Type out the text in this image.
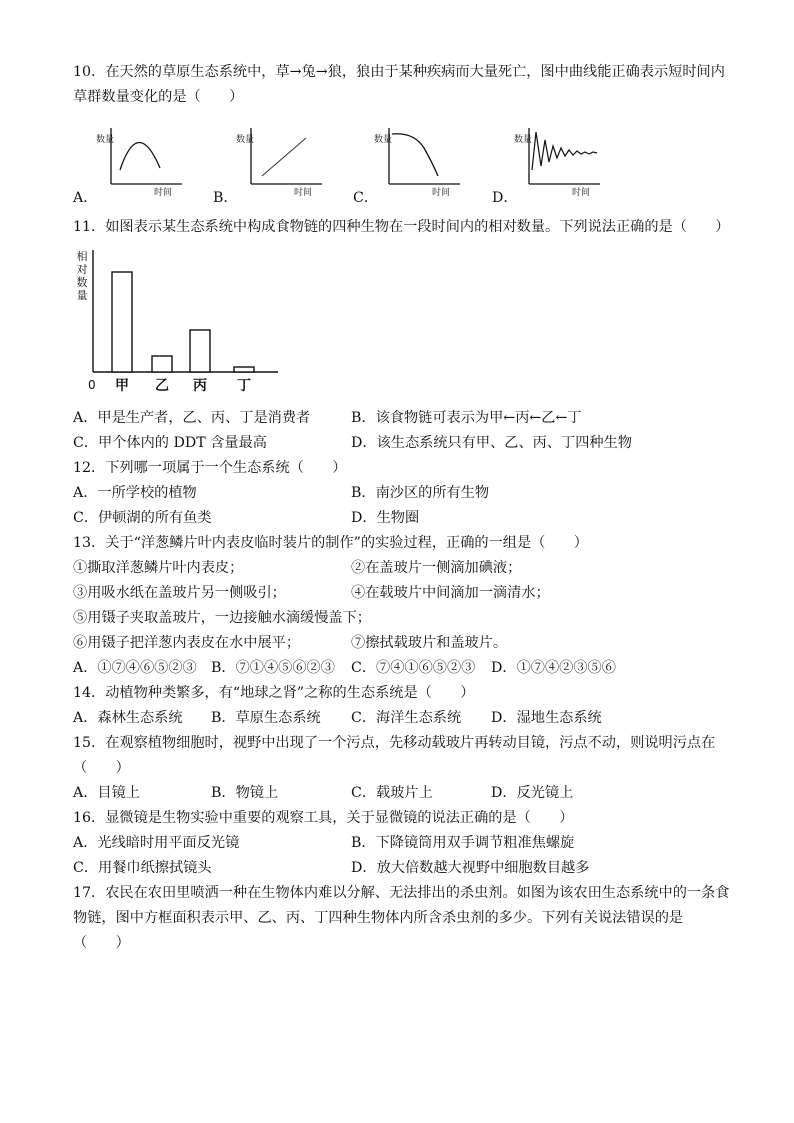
10．在天然的草原生态系统中，草→兔→狼，狼由于某种疾病而大量死亡，图中曲线能正确表示短时间内
草群数量变化的是（　　）
A．
数量
时间	B．
数量
时间	C．
数量
时间	D．
数量
时间
11．如图表示某生态系统中构成食物链的四种生物在一段时间内的相对数量。下列说法正确的是（　　）
相
对
数
量
0 甲 乙 丙 丁
A．甲是生产者，乙、丙、丁是消费者	B．该食物链可表示为甲←丙←乙←丁
C．甲个体内的 DDT 含量最高	D．该生态系统只有甲、乙、丙、丁四种生物
12．下列哪一项属于一个生态系统（　　）
A．一所学校的植物	B．南沙区的所有生物
C．伊顿湖的所有鱼类	D．生物圈
13．关于“洋葱鳞片叶内表皮临时装片的制作”的实验过程，正确的一组是（　　）
①撕取洋葱鳞片叶内表皮；	②在盖玻片一侧滴加碘液；
③用吸水纸在盖玻片另一侧吸引；	④在载玻片中间滴加一滴清水；
⑤用镊子夹取盖玻片，一边接触水滴缓慢盖下；
⑥用镊子把洋葱内表皮在水中展平；	⑦擦拭载玻片和盖玻片。
A．①⑦④⑥⑤②③ B．⑦①④⑤⑥②③ C．⑦④①⑥⑤②③ D．①⑦④②③⑤⑥
14．动植物种类繁多，有“地球之肾”之称的生态系统是（　　）
A．森林生态系统 B．草原生态系统 C．海洋生态系统 D．湿地生态系统
15．在观察植物细胞时，视野中出现了一个污点，先移动载玻片再转动目镜，污点不动，则说明污点在
（　　）
A．目镜上	B．物镜上	C．载玻片上	D．反光镜上
16．显微镜是生物实验中重要的观察工具，关于显微镜的说法正确的是（　　）
A．光线暗时用平面反光镜	B．下降镜筒用双手调节粗准焦螺旋
C．用餐巾纸擦拭镜头	D．放大倍数越大视野中细胞数目越多
17．农民在农田里喷洒一种在生物体内难以分解、无法排出的杀虫剂。如图为该农田生态系统中的一条食
物链，图中方框面积表示甲、乙、丙、丁四种生物体内所含杀虫剂的多少。下列有关说法错误的是
（　　）
